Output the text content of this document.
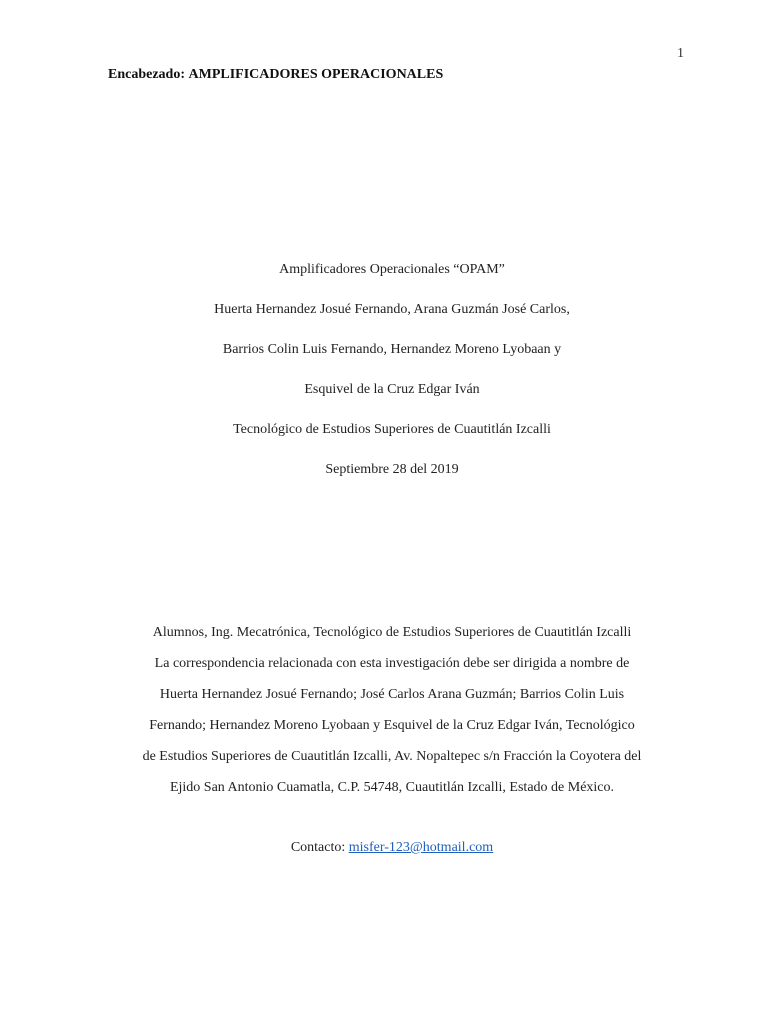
1
Encabezado: AMPLIFICADORES OPERACIONALES
Amplificadores Operacionales “OPAM”
Huerta Hernandez Josué Fernando, Arana Guzmán José Carlos,
Barrios Colin Luis Fernando, Hernandez Moreno Lyobaan y
Esquivel de la Cruz Edgar Iván
Tecnológico de Estudios Superiores de Cuautitlán Izcalli
Septiembre 28 del 2019
Alumnos, Ing. Mecatrónica, Tecnológico de Estudios Superiores de Cuautitlán Izcalli
La correspondencia relacionada con esta investigación debe ser dirigida a nombre de
Huerta Hernandez Josué Fernando; José Carlos Arana Guzmán; Barrios Colin Luis
Fernando; Hernandez Moreno Lyobaan y Esquivel de la Cruz Edgar Iván, Tecnológico
de Estudios Superiores de Cuautitlán Izcalli, Av. Nopaltepec s/n Fracción la Coyotera del
Ejido San Antonio Cuamatla, C.P. 54748, Cuautitlán Izcalli, Estado de México.
Contacto: misfer-123@hotmail.com
